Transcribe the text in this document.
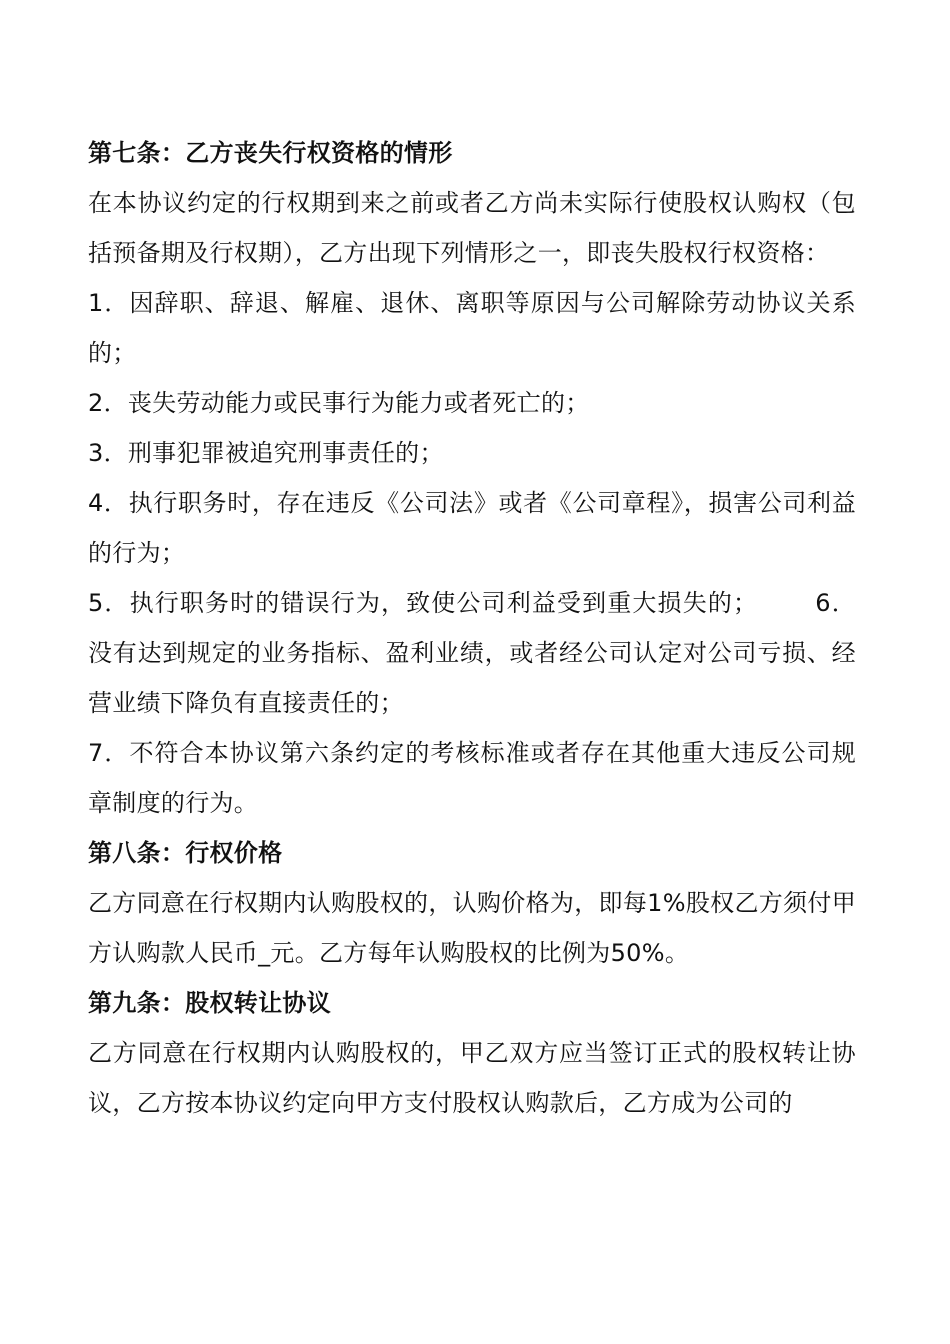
第七条：乙方丧失行权资格的情形

在本协议约定的行权期到来之前或者乙方尚未实际行使股权认购权（包括预备期及行权期），乙方出现下列情形之一，即丧失股权行权资格：

1．因辞职、辞退、解雇、退休、离职等原因与公司解除劳动协议关系的；

2．丧失劳动能力或民事行为能力或者死亡的；

3．刑事犯罪被追究刑事责任的；

4．执行职务时，存在违反《公司法》或者《公司章程》，损害公司利益的行为；

5．执行职务时的错误行为，致使公司利益受到重大损失的； 6．没有达到规定的业务指标、盈利业绩，或者经公司认定对公司亏损、经营业绩下降负有直接责任的；

7．不符合本协议第六条约定的考核标准或者存在其他重大违反公司规章制度的行为。

第八条：行权价格

乙方同意在行权期内认购股权的，认购价格为，即每1%股权乙方须付甲方认购款人民币_元。乙方每年认购股权的比例为50%。

第九条：股权转让协议

乙方同意在行权期内认购股权的，甲乙双方应当签订正式的股权转让协议，乙方按本协议约定向甲方支付股权认购款后，乙方成为公司的
